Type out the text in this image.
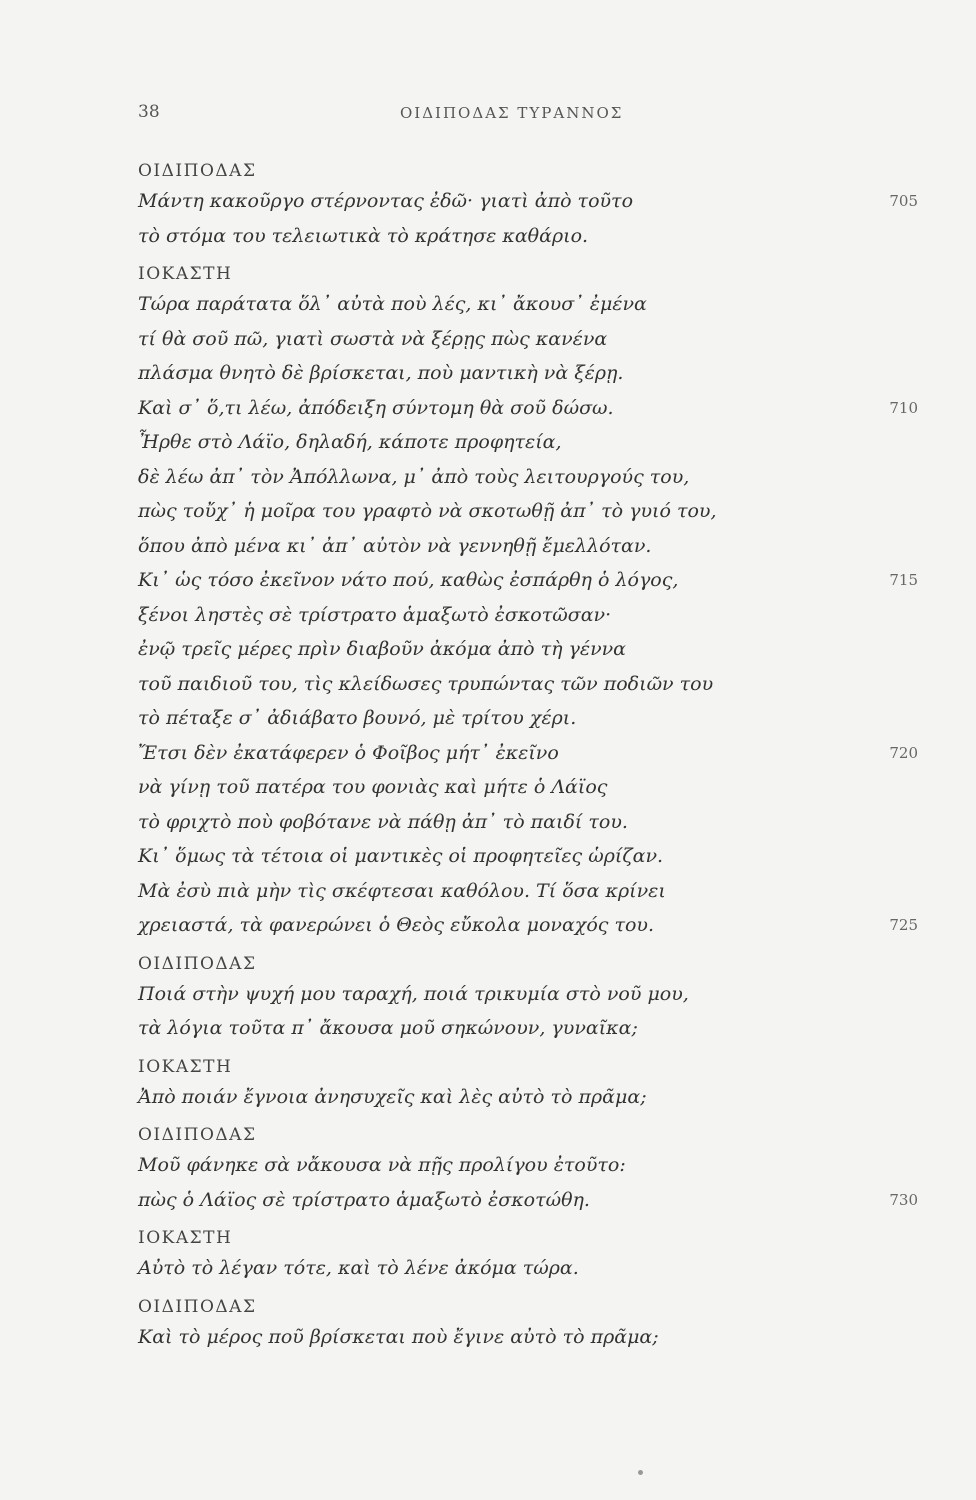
38	ΟΙΔΙΠΟΔΑΣ ΤΥΡΑΝΝΟΣ
ΟΙΔΙΠΟΔΑΣ
Μάντη κακοῦργο στέρνοντας ἐδῶ· γιατὶ ἀπὸ τοῦτο	705
τὸ στόμα του τελειωτικὰ τὸ κράτησε καθάριο.
ΙΟΚΑΣΤΗ
Τώρα παράτατα ὅλ᾿ αὐτὰ ποὺ λές, κι᾿ ἄκουσ᾿ ἐμένα
τί θὰ σοῦ πῶ, γιατὶ σωστὰ νὰ ξέρῃς πὼς κανένα
πλάσμα θνητὸ δὲ βρίσκεται, ποὺ μαντικὴ νὰ ξέρῃ.
Καὶ σ᾿ ὅ,τι λέω, ἀπόδειξη σύντομη θὰ σοῦ δώσω.	710
Ἦρθε στὸ Λάϊο, δηλαδή, κάποτε προφητεία,
δὲ λέω ἀπ᾿ τὸν Ἀπόλλωνα, μ᾿ ἀπὸ τοὺς λειτουργούς του,
πὼς τοὔχ᾿ ἡ μοῖρα του γραφτὸ νὰ σκοτωθῇ ἀπ᾿ τὸ γυιό του,
ὅπου ἀπὸ μένα κι᾿ ἀπ᾿ αὐτὸν νὰ γεννηθῇ ἔμελλόταν.
Κι᾿ ὡς τόσο ἐκεῖνον νάτο πού, καθὼς ἐσπάρθη ὁ λόγος,	715
ξένοι ληστὲς σὲ τρίστρατο ἁμαξωτὸ ἐσκοτῶσαν·
ἐνῷ τρεῖς μέρες πρὶν διαβοῦν ἀκόμα ἀπὸ τὴ γέννα
τοῦ παιδιοῦ του, τὶς κλείδωσες τρυπώντας τῶν ποδιῶν του
τὸ πέταξε σ᾿ ἀδιάβατο βουνό, μὲ τρίτου χέρι.
Ἔτσι δὲν ἐκατάφερεν ὁ Φοῖβος μήτ᾿ ἐκεῖνο	720
νὰ γίνῃ τοῦ πατέρα του φονιὰς καὶ μήτε ὁ Λάϊος
τὸ φριχτὸ ποὺ φοβότανε νὰ πάθῃ ἀπ᾿ τὸ παιδί του.
Κι᾿ ὅμως τὰ τέτοια οἱ μαντικὲς οἱ προφητεῖες ὡρίζαν.
Μὰ ἐσὺ πιὰ μὴν τὶς σκέφτεσαι καθόλου. Τί ὅσα κρίνει
χρειαστά, τὰ φανερώνει ὁ Θεὸς εὔκολα μοναχός του.	725
ΟΙΔΙΠΟΔΑΣ
Ποιά στὴν ψυχή μου ταραχή, ποιά τρικυμία στὸ νοῦ μου,
τὰ λόγια τοῦτα π᾿ ἄκουσα μοῦ σηκώνουν, γυναῖκα;
ΙΟΚΑΣΤΗ
Ἀπὸ ποιάν ἔγνοια ἀνησυχεῖς καὶ λὲς αὐτὸ τὸ πρᾶμα;
ΟΙΔΙΠΟΔΑΣ
Μοῦ φάνηκε σὰ νἄκουσα νὰ πῇς προλίγου ἐτοῦτο:
πὼς ὁ Λάϊος σὲ τρίστρατο ἁμαξωτὸ ἐσκοτώθη.	730
ΙΟΚΑΣΤΗ
Αὐτὸ τὸ λέγαν τότε, καὶ τὸ λένε ἀκόμα τώρα.
ΟΙΔΙΠΟΔΑΣ
Καὶ τὸ μέρος ποῦ βρίσκεται ποὺ ἔγινε αὐτὸ τὸ πρᾶμα;
